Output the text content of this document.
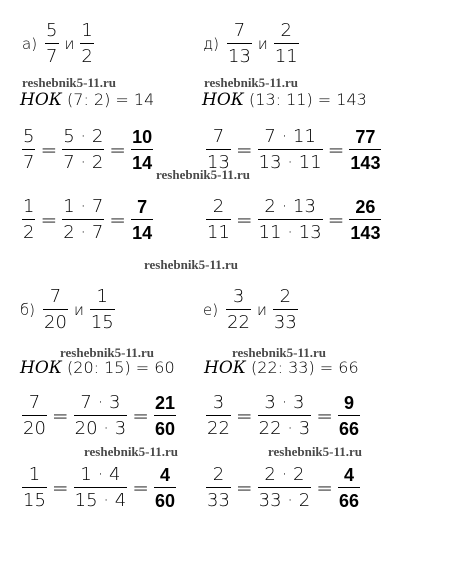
$а) \frac{5}{7}$ и $\frac{1}{2}$
reshebnik5-11.ru
НОК (7: 2) = 14
$\frac{5}{7} = \frac{5 \cdot 2}{7 \cdot 2} = \frac{10}{14}$
$\frac{1}{2} = \frac{1 \cdot 7}{2 \cdot 7} = \frac{7}{14}$
$д) \frac{7}{13}$ и $\frac{2}{11}$
reshebnik5-11.ru
НОК (13: 11) = 143
$\frac{7}{13} = \frac{7 \cdot 11}{13 \cdot 11} = \frac{77}{143}$
reshebnik5-11.ru
$\frac{2}{11} = \frac{2 \cdot 13}{11 \cdot 13} = \frac{26}{143}$
reshebnik5-11.ru
$б) \frac{7}{20}$ и $\frac{1}{15}$
reshebnik5-11.ru
НОК (20: 15) = 60
$\frac{7}{20} = \frac{7 \cdot 3}{20 \cdot 3} = \frac{21}{60}$
reshebnik5-11.ru
$\frac{1}{15} = \frac{1 \cdot 4}{15 \cdot 4} = \frac{4}{60}$
$е) \frac{3}{22}$ и $\frac{2}{33}$
reshebnik5-11.ru
НОК (22: 33) = 66
$\frac{3}{22} = \frac{3 \cdot 3}{22 \cdot 3} = \frac{9}{66}$
reshebnik5-11.ru
$\frac{2}{33} = \frac{2 \cdot 2}{33 \cdot 2} = \frac{4}{66}$
